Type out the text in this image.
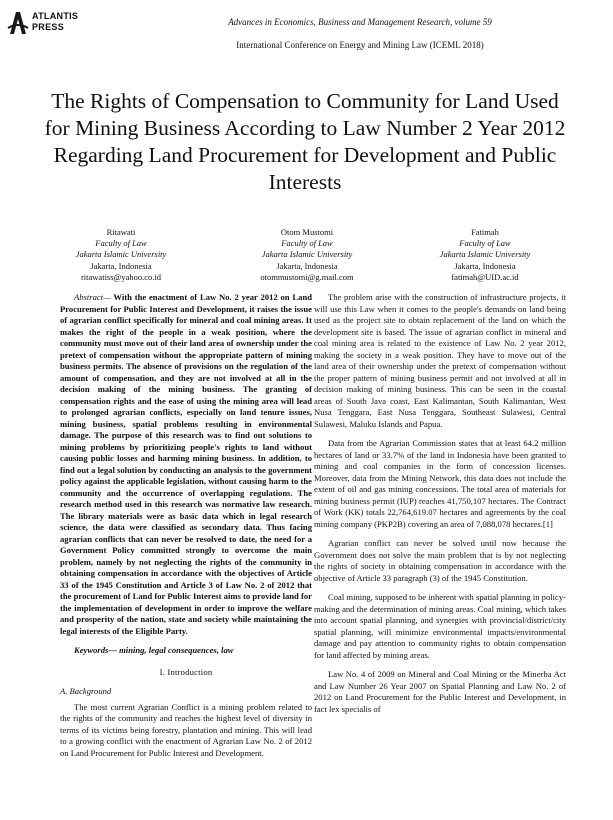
ATLANTIS
PRESS	Advances in Economics, Business and Management Research, volume 59
International Conference on Energy and Mining Law (ICEML 2018)
The Rights of Compensation to Community for Land Used for Mining Business According to Law Number 2 Year 2012 Regarding Land Procurement for Development and Public Interests
Ritawati
Faculty of Law
Jakarta Islamic University
Jakarta, Indonesia
ritawatiss@yahoo.co.id
Otom Mustomi
Faculty of Law
Jakarta Islamic University
Jakarta, Indonesia
otommustomi@g.mail.com
Fatimah
Faculty of Law
Jakarta Islamic University
Jakarta, Indonesia
fatimah@UID.ac.id

Abstract— With the enactment of Law No. 2 year 2012 on Land Procurement for Public Interest and Development, it raises the issue of agrarian conflict specifically for mineral and coal mining areas. It makes the right of the people in a weak position, where the community must move out of their land area of ownership under the pretext of compensation without the appropriate pattern of mining business permits. The absence of provisions on the regulation of the amount of compensation, and they are not involved at all in the decision making of the mining business. The granting of compensation rights and the ease of using the mining area will lead to prolonged agrarian conflicts, especially on land tenure issues, mining business, spatial problems resulting in environmental damage. The purpose of this research was to find out solutions to mining problems by prioritizing people's rights to land without causing public losses and harming mining business. In addition, to find out a legal solution by conducting an analysis to the government policy against the applicable legislation, without causing harm to the community and the occurrence of overlapping regulations. The research method used in this research was normative law research. The library materials were as basic data which in legal research science, the data were classified as secondary data. Thus facing agrarian conflicts that can never be resolved to date, the need for a Government Policy committed strongly to overcome the main problem, namely by not neglecting the rights of the community in obtaining compensation in accordance with the objectives of Article 33 of the 1945 Constitution and Article 3 of Law No. 2 of 2012 that the procurement of Land for Public Interest aims to provide land for the implementation of development in order to improve the welfare and prosperity of the nation, state and society while maintaining the legal interests of the Eligible Party.

Keywords— mining, legal consequences, law

I. Introduction
A. Background

The most current Agrarian Conflict is a mining problem related to the rights of the community and reaches the highest level of diversity in terms of its victims being forestry, plantation and mining. This will lead to a growing conflict with the enactment of Agrarian Law No. 2 of 2012 on Land Procurement for Public Interest and Development.

The problem arise with the construction of infrastructure projects, it will use this Law when it comes to the people's demands on land being used as the project site to obtain replacement of the land on which the development site is based. The issue of agrarian conflict in mineral and coal mining area is related to the existence of Law No. 2 year 2012, making the society in a weak position. They have to move out of the land area of their ownership under the pretext of compensation without the proper pattern of mining business permit and not involved at all in decision making of mining business. This can be seen in the coastal areas of South Java coast, East Kalimantan, South Kalimantan, West Nusa Tenggara, East Nusa Tenggara, Southeast Sulawesi, Central Sulawesi, Maluku Islands and Papua.

Data from the Agrarian Commission states that at least 64.2 million hectares of land or 33.7% of the land in Indonesia have been granted to mining and coal companies in the form of concession licenses. Moreover, data from the Mining Network, this data does not include the extent of oil and gas mining concessions. The total area of materials for mining business permit (IUP) reaches 41,750,107 hectares. The Contract of Work (KK) totals 22,764,619.07 hectares and agreements by the coal mining company (PKP2B) covering an area of 7,088,078 hectares.[1]

Agrarian conflict can never be solved until now because the Government does not solve the main problem that is by not neglecting the rights of society in obtaining compensation in accordance with the objective of Article 33 paragraph (3) of the 1945 Constitution.

Coal mining, supposed to be inherent with spatial planning in policy-making and the determination of mining areas. Coal mining, which takes into account spatial planning, and synergies with provincial/district/city spatial planning, will minimize environmental impacts/environmental damage and pay attention to community rights to obtain compensation for land affected by mining areas.

Law No. 4 of 2009 on Mineral and Coal Mining or the Minerba Act and Law Number 26 Year 2007 on Spatial Planning and Law No. 2 of 2012 on Land Procurement for the Public Interest and Development, in fact lex specialis of
